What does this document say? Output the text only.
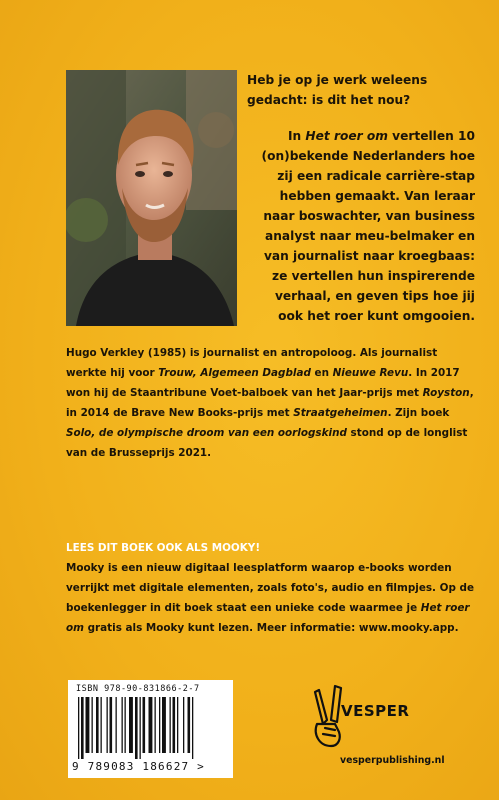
Heb je op je werk weleens gedacht: is dit het nou?

In Het roer om vertellen 10 (on)bekende Nederlanders hoe zij een radicale carrière-stap hebben gemaakt. Van leraar naar boswachter, van business analyst naar meu-belmaker en van journalist naar kroegbaas: ze vertellen hun inspirerende verhaal, en geven tips hoe jij ook het roer kunt omgooien.

Hugo Verkley (1985) is journalist en antropoloog. Als journalist werkte hij voor Trouw, Algemeen Dagblad en Nieuwe Revu. In 2017 won hij de Staantribune Voet-balboek van het Jaar-prijs met Royston, in 2014 de Brave New Books-prijs met Straatgeheimen. Zijn boek Solo, de olympische droom van een oorlogskind stond op de longlist van de Brusseprijs 2021.
LEES DIT BOEK OOK ALS MOOKY!
Mooky is een nieuw digitaal leesplatform waarop e-books worden verrijkt met digitale elementen, zoals foto's, audio en filmpjes. Op de boekenlegger in dit boek staat een unieke code waarmee je Het roer om gratis als Mooky kunt lezen. Meer informatie: www.mooky.app.
ISBN 978-90-831866-2-7
9 789083 186627 >
VESPER
vesperpublishing.nl
